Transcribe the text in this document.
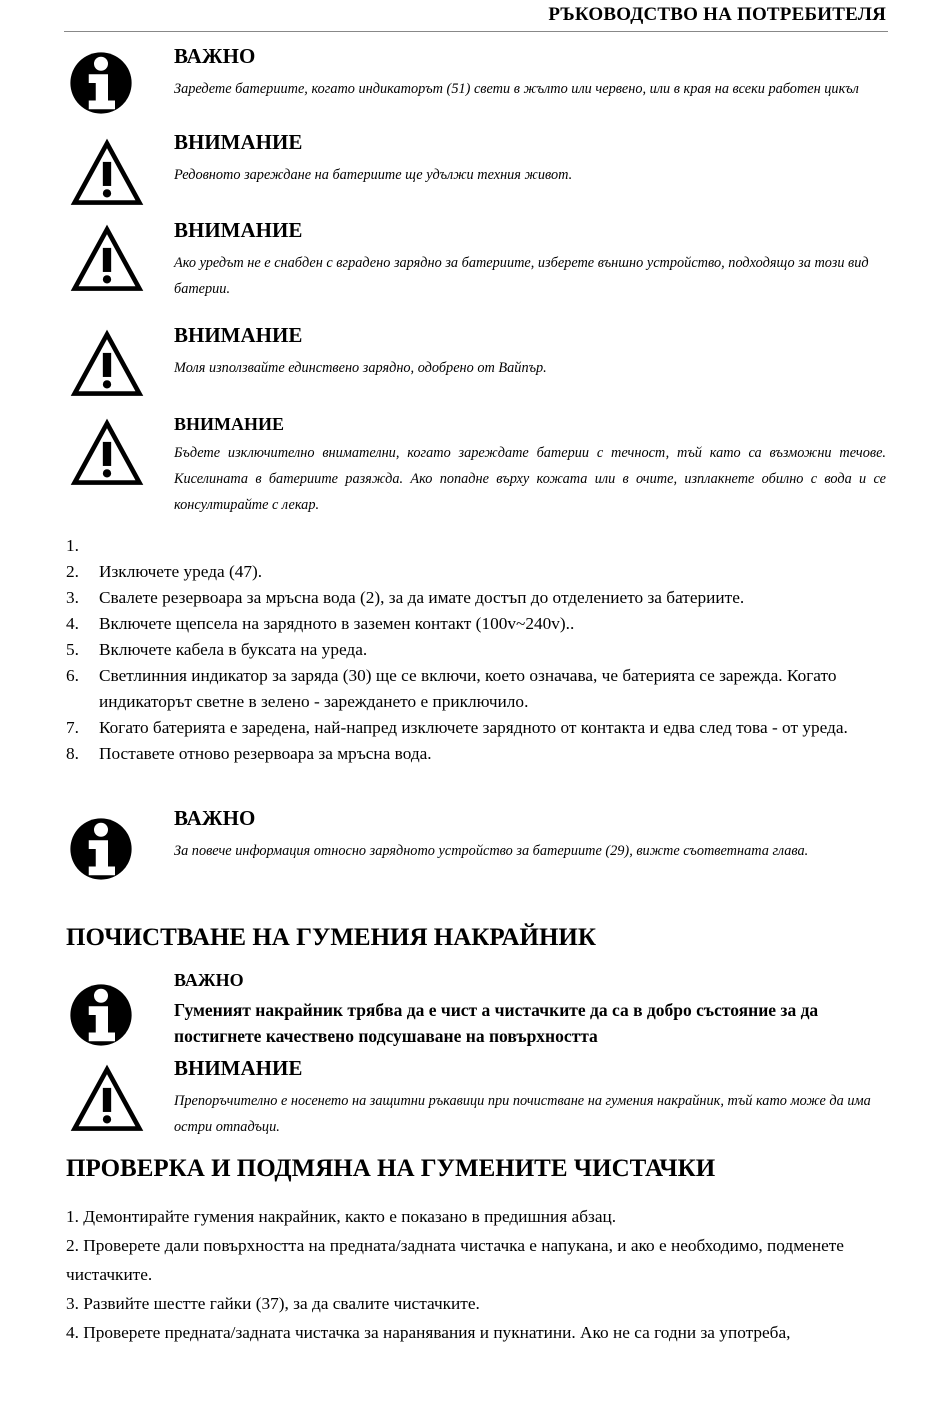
РЪКОВОДСТВО НА ПОТРЕБИТЕЛЯ
ВАЖНО
Заредете батериите, когато индикаторът (51) свети в жълто или червено, или в края на всеки работен цикъл
ВНИМАНИЕ
Редовното зареждане на батериите ще удължи техния живот.
ВНИМАНИЕ
Ако уредът не е снабден с вградено зарядно за батериите, изберете външно устройство, подходящо за този вид батерии.
ВНИМАНИЕ
Моля използвайте единствено зарядно, одобрено от Вайпър.
ВНИМАНИЕ
Бъдете изключително внимателни, когато зареждате батерии с течност, тъй като са възможни течове. Киселината в батериите разяжда. Ако попадне върху кожата или в очите, изплакнете обилно с вода и се консултирайте с лекар.
1.
2. Изключете уреда (47).
3. Свалете резервоара за мръсна вода (2), за да имате достъп до отделението за батериите.
4. Включете щепсела на зарядното в заземен контакт (100v~240v)..
5. Включете кабела в буксата на уреда.
6. Светлинния индикатор за заряда (30) ще се включи, което означава, че батерията се зарежда. Когато индикаторът светне в зелено - зареждането е приключило.
7. Когато батерията е заредена, най-напред изключете зарядното от контакта и едва след това - от уреда.
8. Поставете отново резервоара за мръсна вода.
ВАЖНО
За повече информация относно зарядното устройство за батериите (29), вижте съответната глава.
ПОЧИСТВАНЕ НА ГУМЕНИЯ НАКРАЙНИК
ВАЖНО
Гуменият накрайник трябва да е чист а чистачките да са в добро състояние за да постигнете качествено подсушаване на повърхността
ВНИМАНИЕ
Препоръчително е носенето на защитни ръкавици при почистване на гумения накрайник, тъй като може да има остри отпадъци.
ПРОВЕРКА И ПОДМЯНА НА ГУМЕНИТЕ ЧИСТАЧКИ
1. Демонтирайте гумения накрайник, както е показано в предишния абзац.
2. Проверете дали повърхността на предната/задната чистачка е напукана, и ако е необходимо, подменете чистачките.
3. Развийте шестте гайки (37), за да свалите чистачките.
4. Проверете предната/задната чистачка за наранявания и пукнатини. Ако не са годни за употреба,
